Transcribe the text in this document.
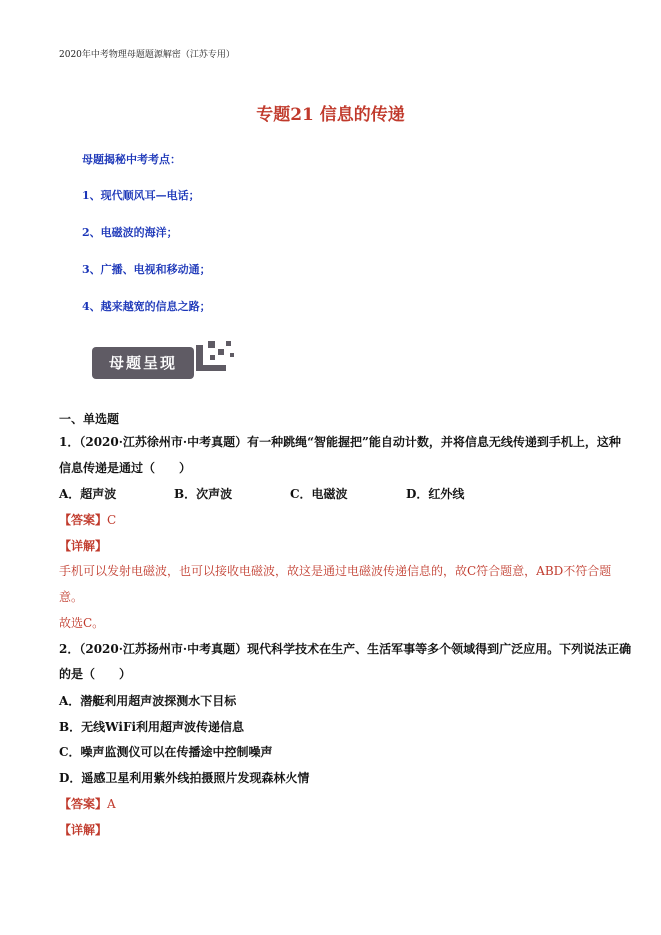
2020年中考物理母题题源解密（江苏专用）
专题21 信息的传递
母题揭秘中考考点：
1、现代顺风耳—电话；
2、电磁波的海洋；
3、广播、电视和移动通；
4、越来越宽的信息之路；
母题呈现
一、单选题
1．（2020·江苏徐州市·中考真题）有一种跳绳“智能握把”能自动计数，并将信息无线传递到手机上，这种
信息传递是通过（　　）
A．超声波	B．次声波	C．电磁波	D．红外线
【答案】C
【详解】
手机可以发射电磁波，也可以接收电磁波，故这是通过电磁波传递信息的，故C符合题意，ABD不符合题
意。
故选C。
2．（2020·江苏扬州市·中考真题）现代科学技术在生产、生活军事等多个领域得到广泛应用。下列说法正确
的是（　　）
A．潜艇利用超声波探测水下目标
B．无线WiFi利用超声波传递信息
C．噪声监测仪可以在传播途中控制噪声
D．遥感卫星利用紫外线拍摄照片发现森林火情
【答案】A
【详解】
